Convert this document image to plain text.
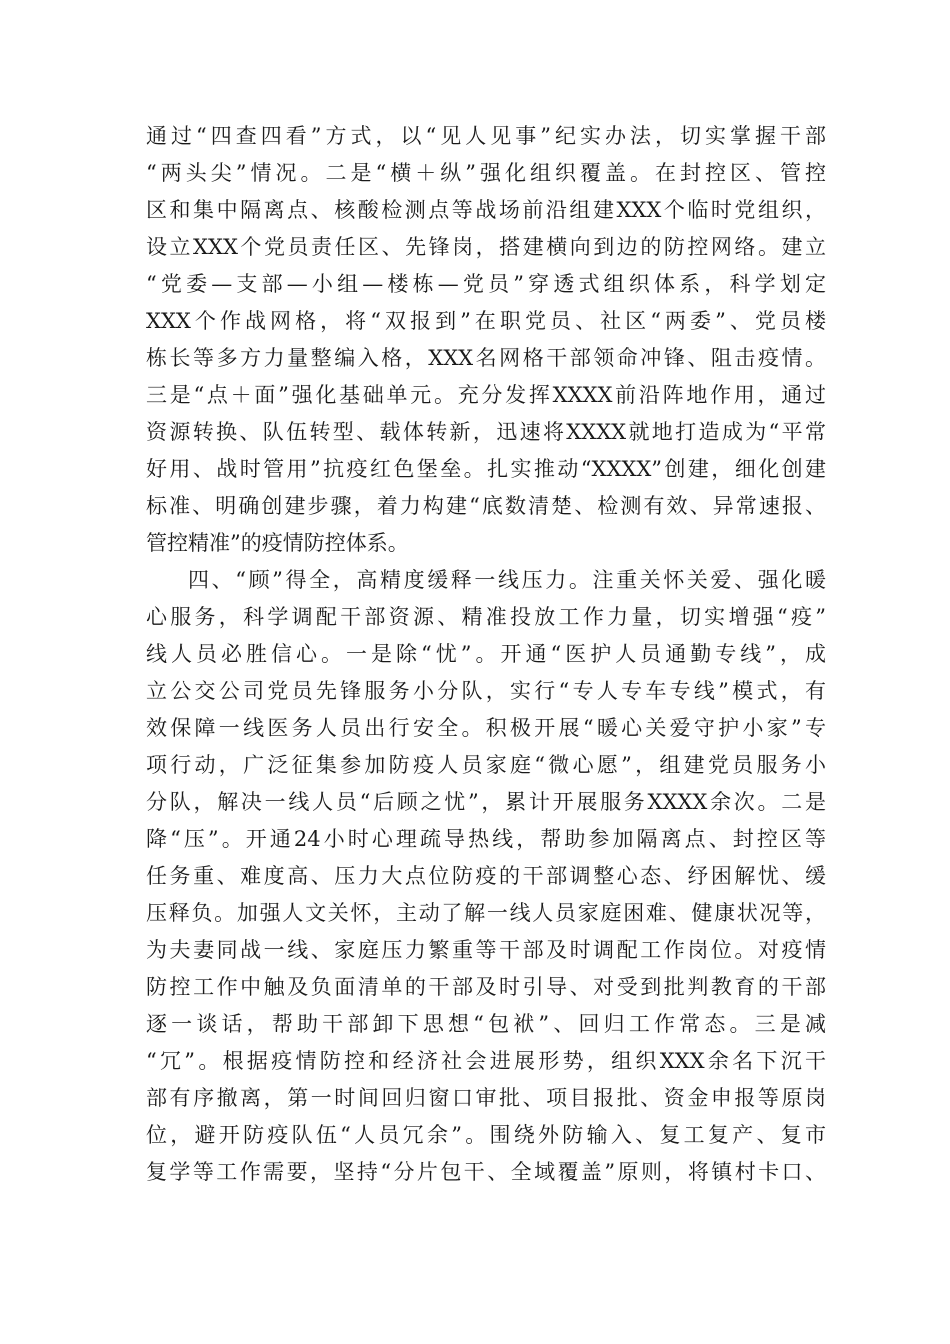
通过“四查四看”方式，以“见人见事”纪实办法，切实掌握干部
“两头尖”情况。二是“横＋纵”强化组织覆盖。在封控区、管控
区和集中隔离点、核酸检测点等战场前沿组建XXX个临时党组织，
设立XXX个党员责任区、先锋岗，搭建横向到边的防控网络。建立
“党委—支部—小组—楼栋—党员”穿透式组织体系，科学划定
XXX个作战网格，将“双报到”在职党员、社区“两委”、党员楼
栋长等多方力量整编入格，XXX名网格干部领命冲锋、阻击疫情。
三是“点＋面”强化基础单元。充分发挥XXXX前沿阵地作用，通过
资源转换、队伍转型、载体转新，迅速将XXXX就地打造成为“平常
好用、战时管用”抗疫红色堡垒。扎实推动“XXXX”创建，细化创建
标准、明确创建步骤，着力构建“底数清楚、检测有效、异常速报、
管控精准”的疫情防控体系。
四、“顾”得全，高精度缓释一线压力。注重关怀关爱、强化暖
心服务，科学调配干部资源、精准投放工作力量，切实增强“疫”
线人员必胜信心。一是除“忧”。开通“医护人员通勤专线”，成
立公交公司党员先锋服务小分队，实行“专人专车专线”模式，有
效保障一线医务人员出行安全。积极开展“暖心关爱守护小家”专
项行动，广泛征集参加防疫人员家庭“微心愿”，组建党员服务小
分队，解决一线人员“后顾之忧”，累计开展服务XXXX余次。二是
降“压”。开通24小时心理疏导热线，帮助参加隔离点、封控区等
任务重、难度高、压力大点位防疫的干部调整心态、纾困解忧、缓
压释负。加强人文关怀，主动了解一线人员家庭困难、健康状况等，
为夫妻同战一线、家庭压力繁重等干部及时调配工作岗位。对疫情
防控工作中触及负面清单的干部及时引导、对受到批判教育的干部
逐一谈话，帮助干部卸下思想“包袱”、回归工作常态。三是减
“冗”。根据疫情防控和经济社会进展形势，组织XXX余名下沉干
部有序撤离，第一时间回归窗口审批、项目报批、资金申报等原岗
位，避开防疫队伍“人员冗余”。围绕外防输入、复工复产、复市
复学等工作需要，坚持“分片包干、全域覆盖”原则，将镇村卡口、
